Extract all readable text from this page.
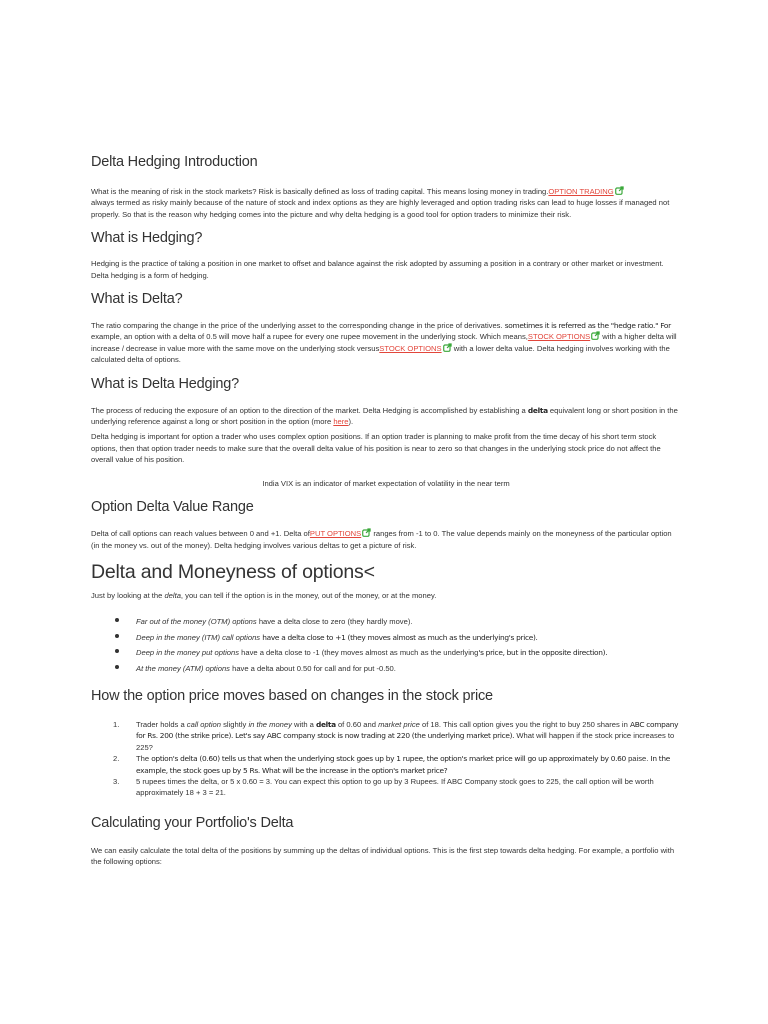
Delta Hedging Introduction

What is the meaning of risk in the stock markets? Risk is basically defined as loss of trading capital. This means losing money in trading.OPTION TRADING
always termed as risky mainly because of the nature of stock and index options as they are highly leveraged and option trading risks can lead to huge losses if managed not properly. So that is the reason why hedging comes into the picture and why delta hedging is a good tool for option traders to minimize their risk.

What is Hedging?

Hedging is the practice of taking a position in one market to offset and balance against the risk adopted by assuming a position in a contrary or other market or investment. Delta hedging is a form of hedging.

What is Delta?

The ratio comparing the change in the price of the underlying asset to the corresponding change in the price of derivatives. sometimes it is referred as the "hedge ratio." For example, an option with a delta of 0.5 will move half a rupee for every one rupee movement in the underlying stock. Which means,STOCK OPTIONS with a higher delta will increase / decrease in value more with the same move on the underlying stock versusSTOCK OPTIONS with a lower delta value. Delta hedging involves working with the calculated delta of options.

What is Delta Hedging?

The process of reducing the exposure of an option to the direction of the market. Delta Hedging is accomplished by establishing a delta equivalent long or short position in the underlying reference against a long or short position in the option (more here).

Delta hedging is important for option a trader who uses complex option positions. If an option trader is planning to make profit from the time decay of his short term stock options, then that option trader needs to make sure that the overall delta value of his position is near to zero so that changes in the underlying stock price do not affect the overall value of his position.

India VIX is an indicator of market expectation of volatility in the near term

Option Delta Value Range

Delta of call options can reach values between 0 and +1. Delta ofPUT OPTIONS ranges from -1 to 0. The value depends mainly on the moneyness of the particular option (in the money vs. out of the money). Delta hedging involves various deltas to get a picture of risk.

Delta and Moneyness of options<

Just by looking at the delta, you can tell if the option is in the money, out of the money, or at the money.

Far out of the money (OTM) options have a delta close to zero (they hardly move).
Deep in the money (ITM) call options have a delta close to +1 (they moves almost as much as the underlying's price).
Deep in the money put options have a delta close to -1 (they moves almost as much as the underlying's price, but in the opposite direction).
At the money (ATM) options have a delta about 0.50 for call and for put -0.50.
How the option price moves based on changes in the stock price
1. Trader holds a call option slightly in the money with a delta of 0.60 and market price of 18. This call option gives you the right to buy 250 shares in ABC company for Rs. 200 (the strike price). Let's say ABC company stock is now trading at 220 (the underlying market price). What will happen if the stock price increases to 225?
2. The option's delta (0.60) tells us that when the underlying stock goes up by 1 rupee, the option's market price will go up approximately by 0.60 paise. In the example, the stock goes up by 5 Rs. What will be the increase in the option's market price?
3. 5 rupees times the delta, or 5 x 0.60 = 3. You can expect this option to go up by 3 Rupees. If ABC Company stock goes to 225, the call option will be worth approximately 18 + 3 = 21.
Calculating your Portfolio's Delta

We can easily calculate the total delta of the positions by summing up the deltas of individual options. This is the first step towards delta hedging. For example, a portfolio with the following options:
